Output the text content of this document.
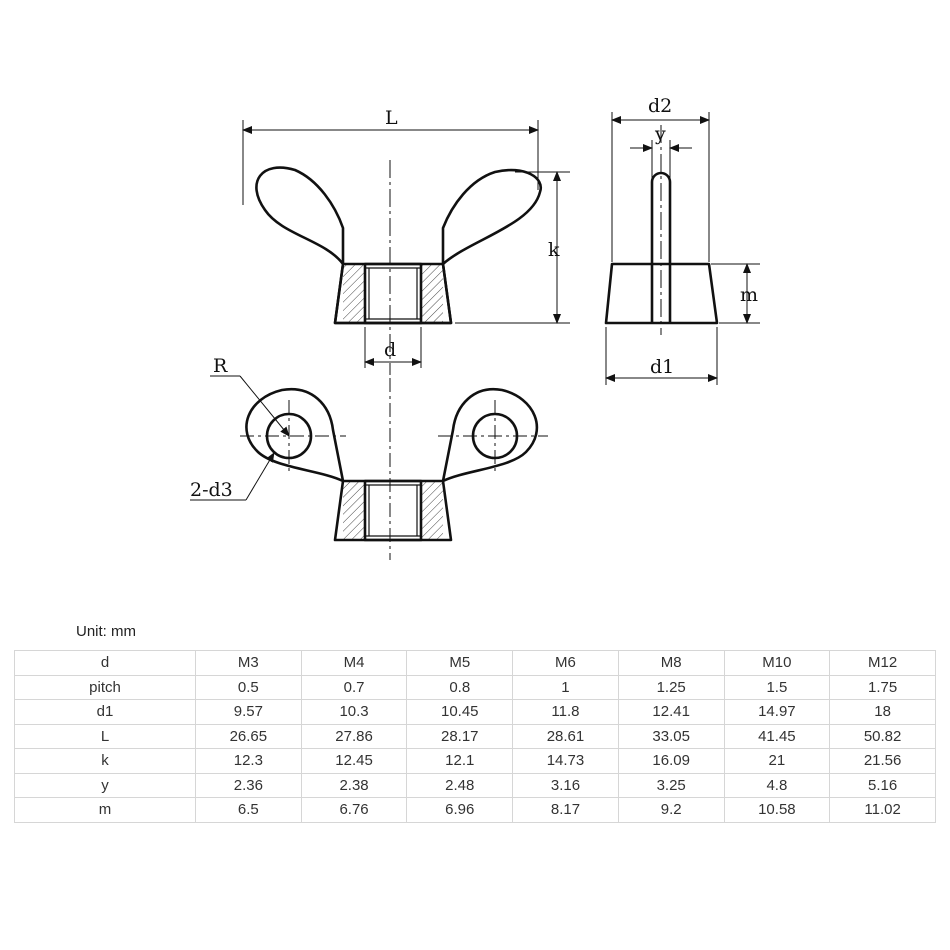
L
k
d
d2
y
m
d1
R
2-d3
Unit: mm
d	M3	M4	M5	M6	M8	M10	M12
pitch	0.5	0.7	0.8	1	1.25	1.5	1.75
d1	9.57	10.3	10.45	11.8	12.41	14.97	18
L	26.65	27.86	28.17	28.61	33.05	41.45	50.82
k	12.3	12.45	12.1	14.73	16.09	21	21.56
y	2.36	2.38	2.48	3.16	3.25	4.8	5.16
m	6.5	6.76	6.96	8.17	9.2	10.58	11.02
